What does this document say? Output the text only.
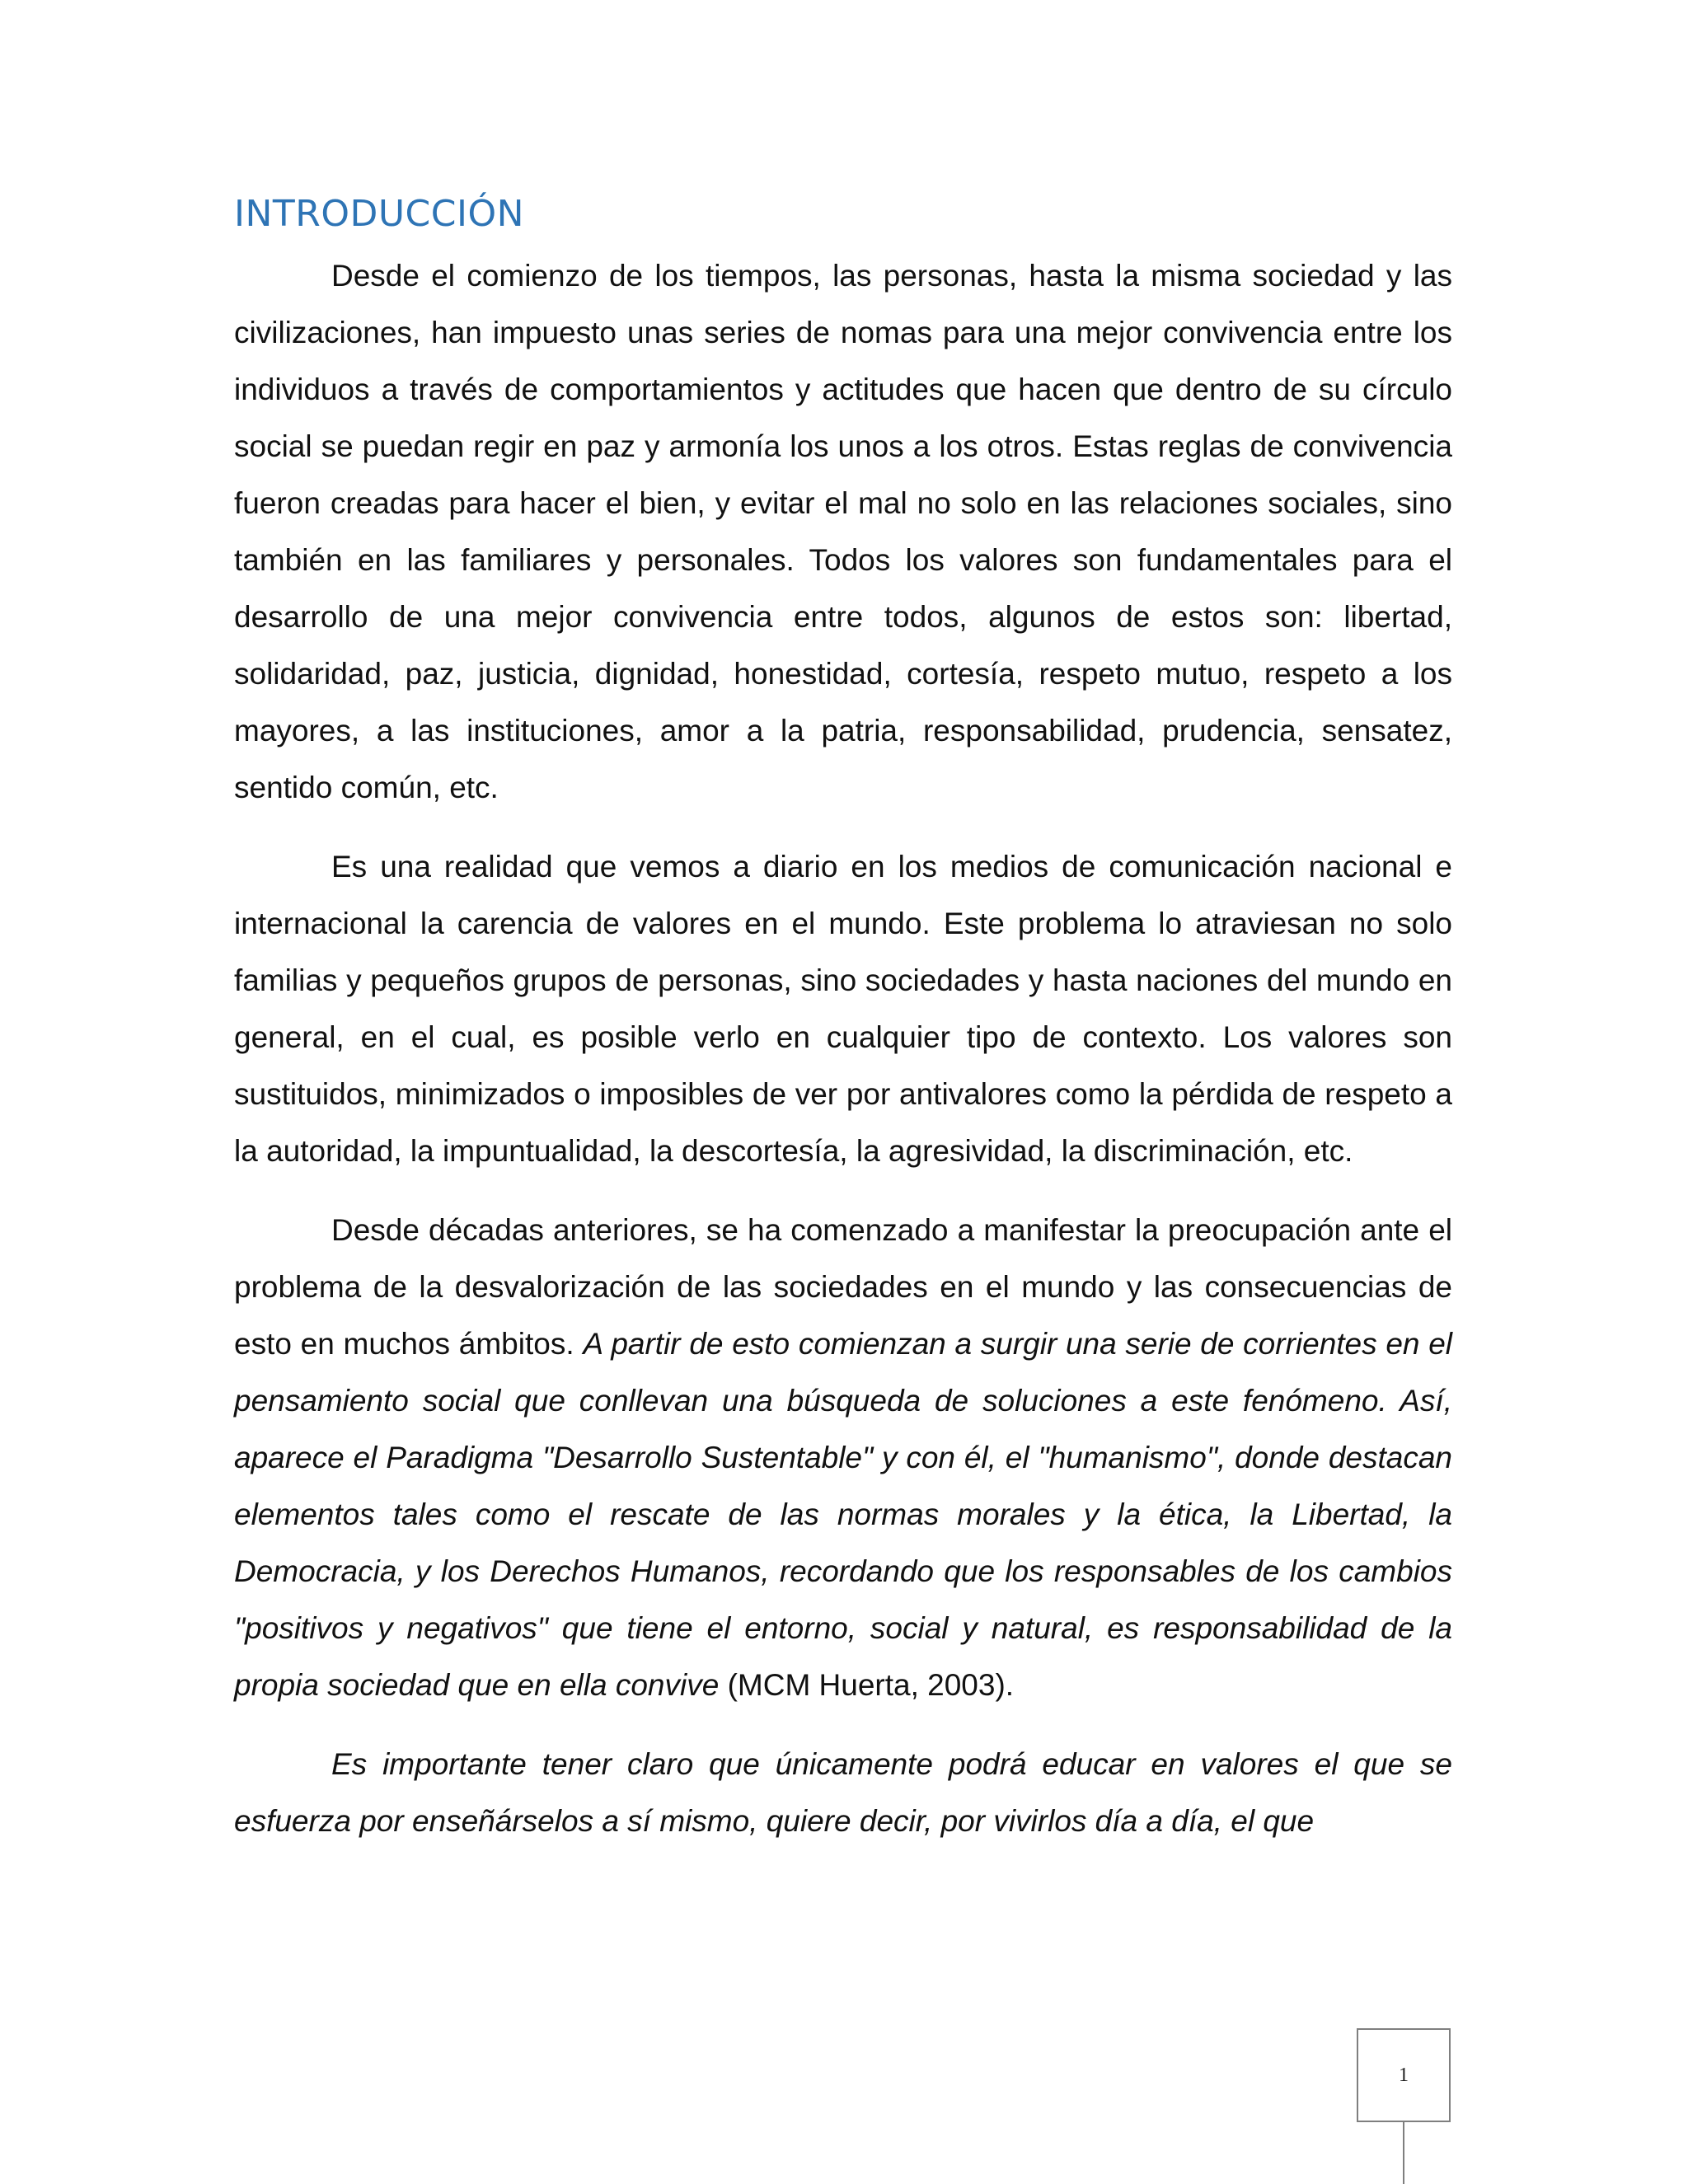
INTRODUCCIÓN

Desde el comienzo de los tiempos, las personas, hasta la misma sociedad y las civilizaciones, han impuesto unas series de nomas para una mejor convivencia entre los individuos a través de comportamientos y actitudes que hacen que dentro de su círculo social se puedan regir en paz y armonía los unos a los otros. Estas reglas de convivencia fueron creadas para hacer el bien, y evitar el mal no solo en las relaciones sociales, sino también en las familiares y personales. Todos los valores son fundamentales para el desarrollo de una mejor convivencia entre todos, algunos de estos son: libertad, solidaridad, paz, justicia, dignidad, honestidad, cortesía, respeto mutuo, respeto a los mayores, a las instituciones, amor a la patria, responsabilidad, prudencia, sensatez, sentido común, etc.

Es una realidad que vemos a diario en los medios de comunicación nacional e internacional la carencia de valores en el mundo. Este problema lo atraviesan no solo familias y pequeños grupos de personas, sino sociedades y hasta naciones del mundo en general, en el cual, es posible verlo en cualquier tipo de contexto. Los valores son sustituidos, minimizados o imposibles de ver por antivalores como la pérdida de respeto a la autoridad, la impuntualidad, la descortesía, la agresividad, la discriminación, etc.

Desde décadas anteriores, se ha comenzado a manifestar la preocupación ante el problema de la desvalorización de las sociedades en el mundo y las consecuencias de esto en muchos ámbitos. A partir de esto comienzan a surgir una serie de corrientes en el pensamiento social que conllevan una búsqueda de soluciones a este fenómeno. Así, aparece el Paradigma "Desarrollo Sustentable" y con él, el "humanismo", donde destacan elementos tales como el rescate de las normas morales y la ética, la Libertad, la Democracia, y los Derechos Humanos, recordando que los responsables de los cambios "positivos y negativos" que tiene el entorno, social y natural, es responsabilidad de la propia sociedad que en ella convive (MCM Huerta, 2003).

Es importante tener claro que únicamente podrá educar en valores el que se esfuerza por enseñárselos a sí mismo, quiere decir, por vivirlos día a día, el que

1
